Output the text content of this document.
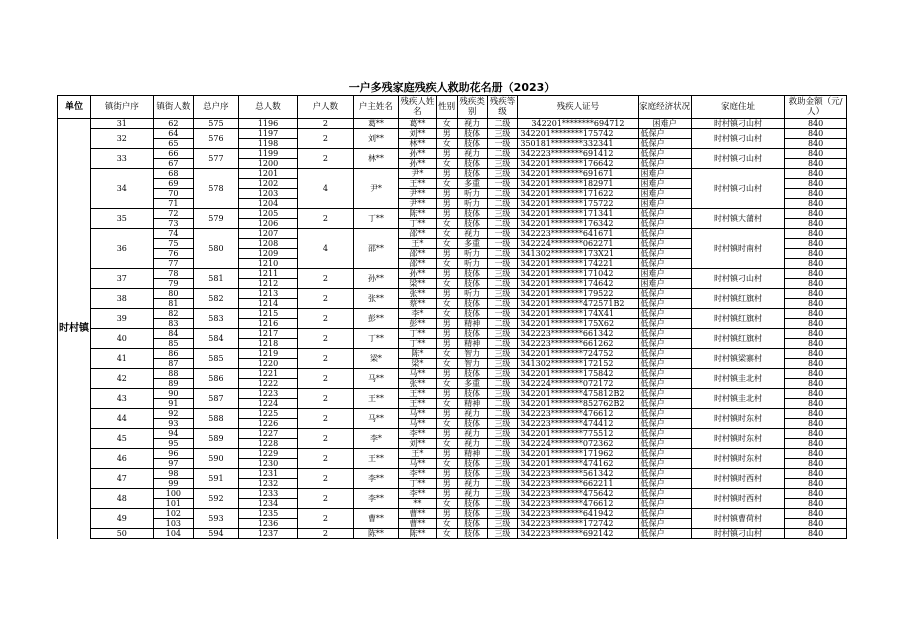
一户多残家庭残疾人救助花名册（2023）
单位	镇街户序	镇街人数	总户序	总人数	户人数	户主姓名	残疾人姓名	性别	残疾类别	残疾等级	残疾人证号	家庭经济状况	家庭住址	救助金额（元/人）
时村镇	31	62	575	1196	2	葛**	葛**	女	视力	二级	342201********694712	困难户	时村镇刁山村	840
	32	64	576	1197	2	刘**	刘**	男	肢体	三级	342201********175742	低保户	时村镇刁山村	840
		65		1198			林**	女	肢体	一级	350181********332341	低保户		840
	33	66	577	1199	2	林**	孙**	男	视力	二级	342223********691412	低保户	时村镇刁山村	840
		67		1200			孙**	女	肢体	三级	342201********176642	低保户		840
	34	68	578	1201	4	尹*	尹*	男	肢体	三级	342201********691671	困难户	时村镇刁山村	840
		69		1202			王**	女	多重	一级	342201********182971	困难户		840
		70		1203			尹**	男	听力	二级	342201********171622	困难户		840
		71		1204			尹**	男	听力	二级	342201********175722	困难户		840
	35	72	579	1205	2	丁**	陈**	男	肢体	三级	342201********171341	低保户	时村镇大蒲村	840
		73		1206			丁**	女	肢体	二级	342201********176342	低保户		840
	36	74	580	1207	4	邵**	邵**	女	视力	一级	342223********641671	低保户	时村镇时南村	840
		75		1208			王*	女	多重	一级	342224********062271	低保户		840
		76		1209			邵**	男	听力	二级	341302********173X21	低保户		840
		77		1210			邵**	女	听力	一级	342201********174221	低保户		840
	37	78	581	1211	2	孙**	孙**	男	肢体	三级	342201********171042	困难户	时村镇刁山村	840
		79		1212			梁**	女	肢体	二级	342201********174642	困难户		840
	38	80	582	1213	2	张**	张**	男	听力	三级	342201********179522	低保户	时村镇红旗村	840
		81		1214			蔡**	女	肢体	二级	342201********472571B2	低保户		840
	39	82	583	1215	2	彭**	李*	女	肢体	一级	342201********174X41	低保户	时村镇红旗村	840
		83		1216			彭**	男	精神	二级	342201********175X62	低保户		840
	40	84	584	1217	2	丁**	丁**	男	肢体	三级	342223********661342	低保户	时村镇红旗村	840
		85		1218			丁**	男	精神	二级	342223********661262	低保户		840
	41	86	585	1219	2	梁*	陈*	女	智力	三级	342201********724752	低保户	时村镇梁寨村	840
		87		1220			梁*	女	智力	三级	341302********172152	低保户		840
	42	88	586	1221	2	马**	马**	男	肢体	三级	342201********175842	低保户	时村镇圭北村	840
		89		1222			张**	女	多重	二级	342224********072172	低保户		840
	43	90	587	1223	2	王**	王**	男	肢体	三级	342201********475812B2	低保户	时村镇圭北村	840
		91		1224			王**	女	精神	二级	342201********852762B2	低保户		840
	44	92	588	1225	2	马**	马**	男	视力	二级	342223********476612	低保户	时村镇时东村	840
		93		1226			马**	女	肢体	三级	342223********474412	低保户		840
	45	94	589	1227	2	李*	李**	男	视力	三级	342201********775512	低保户	时村镇时东村	840
		95		1228			刘**	女	视力	二级	342224********072362	低保户		840
	46	96	590	1229	2	王**	王*	男	精神	二级	342201********171962	低保户	时村镇时东村	840
		97		1230			马**	女	肢体	三级	342201********474162	低保户		840
	47	98	591	1231	2	李**	李**	男	肢体	三级	342223********561342	低保户	时村镇时西村	840
		99		1232			丁**	男	视力	二级	342223********662211	低保户		840
	48	100	592	1233	2	李**	李**	男	视力	三级	342223********475642	低保户	时村镇时西村	840
		101		1234			**	女	肢体	二级	342223********476612	低保户		840
	49	102	593	1235	2	曹**	曹**	男	肢体	三级	342223********641942	低保户	时村镇曹荷村	840
		103		1236			曹**	女	肢体	三级	342223********172742	低保户		840
	50	104	594	1237	2	陈**	陈**	女	肢体	三级	342223********692142	低保户	时村镇刁山村	840
